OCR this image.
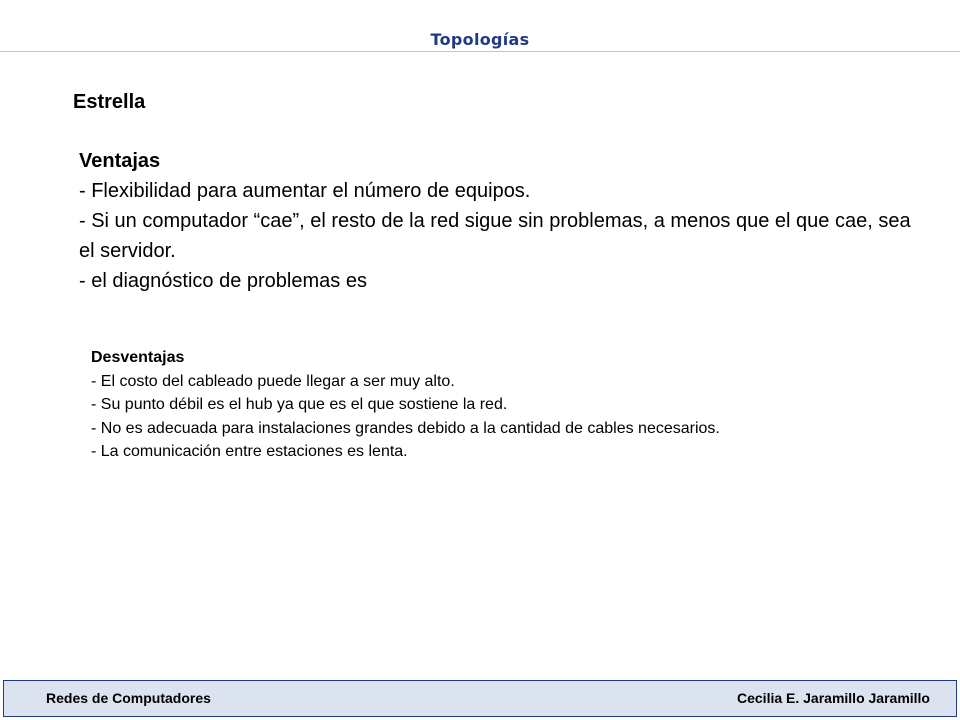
Topologías
Estrella
Ventajas
- Flexibilidad para aumentar el número de equipos.
- Si un computador “cae”, el resto de la red sigue sin problemas, a menos que el que cae, sea el servidor.
- el diagnóstico de problemas es
Desventajas
- El costo del cableado puede llegar a ser muy alto.
- Su punto débil es el hub ya que es el que sostiene la red.
- No es adecuada para instalaciones grandes debido a la cantidad de cables necesarios.
- La comunicación entre estaciones es lenta.
Redes de Computadores	Cecilia E. Jaramillo Jaramillo
